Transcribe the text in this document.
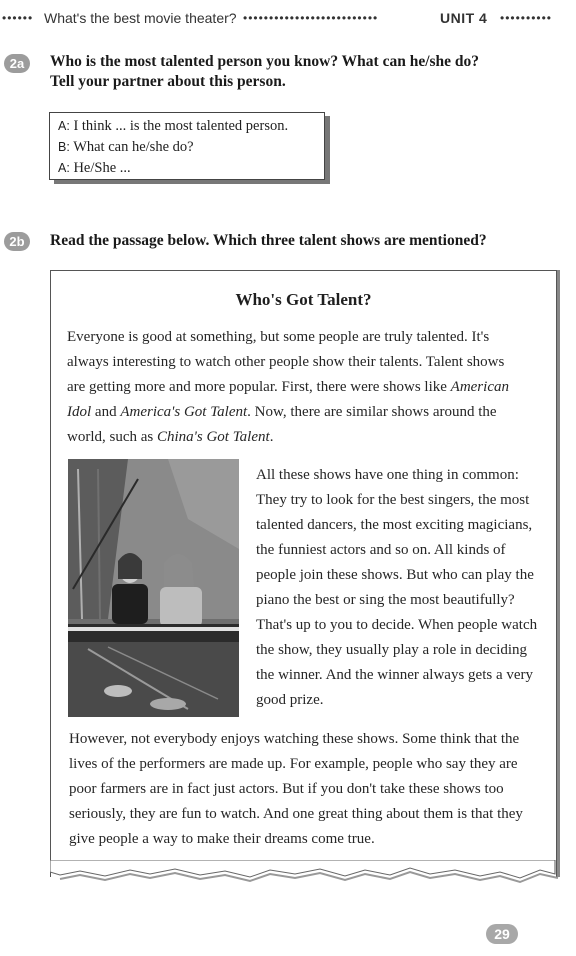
•••••• What's the best movie theater? ••••••••••••••••••••••••••	UNIT 4 ••••••••••
2a	Who is the most talented person you know? What can he/she do?
Tell your partner about this person.
A: I think ... is the most talented person.
B: What can he/she do?
A: He/She ...
2b	Read the passage below. Which three talent shows are mentioned?
Who's Got Talent?
Everyone is good at something, but some people are truly talented. It's
always interesting to watch other people show their talents. Talent shows
are getting more and more popular. First, there were shows like American
Idol and America's Got Talent. Now, there are similar shows around the
world, such as China's Got Talent.
All these shows have one thing in common:
They try to look for the best singers, the most
talented dancers, the most exciting magicians,
the funniest actors and so on. All kinds of
people join these shows. But who can play the
piano the best or sing the most beautifully?
That's up to you to decide. When people watch
the show, they usually play a role in deciding
the winner. And the winner always gets a very
good prize.
However, not everybody enjoys watching these shows. Some think that the
lives of the performers are made up. For example, people who say they are
poor farmers are in fact just actors. But if you don't take these shows too
seriously, they are fun to watch. And one great thing about them is that they
give people a way to make their dreams come true.
29
